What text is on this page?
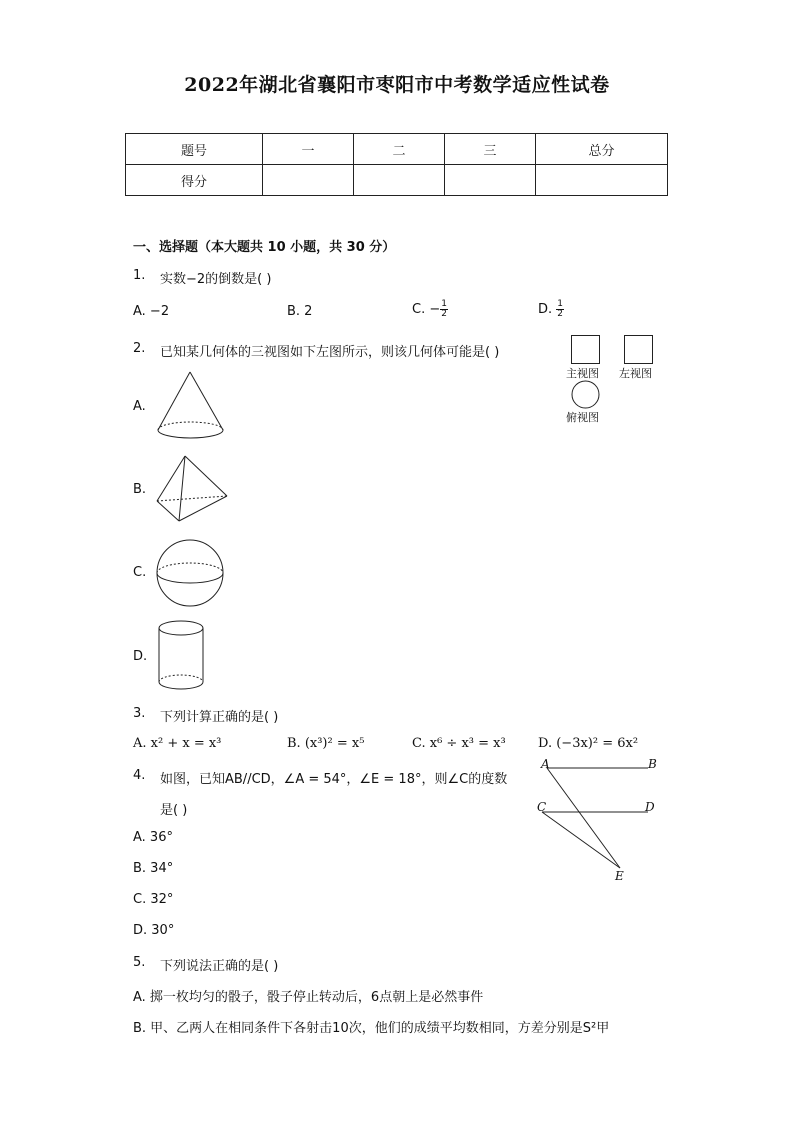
2022年湖北省襄阳市枣阳市中考数学适应性试卷
题号	一	二	三	总分
得分				
一、选择题（本大题共 10 小题，共 30 分）
1. 实数−2的倒数是( )
A. −2	B. 2	C. − $\frac{1}{2}$	D. $\frac{1}{2}$
2. 已知某几何体的三视图如下左图所示，则该几何体可能是( )
主视图 左视图
俯视图
A.
B.
C.
D.
3. 下列计算正确的是( )
A. x² + x = x³	B. (x³)² = x⁵	C. x⁶ ÷ x³ = x³ D. (−3x)² = 6x²
4. 如图，已知AB//CD，∠A = 54°，∠E = 18°，则∠C的度数
是( )
A. 36°
B. 34°
C. 32°
D. 30°
A	B
C	D
E
5. 下列说法正确的是( )
A. 掷一枚均匀的骰子，骰子停止转动后，6点朝上是必然事件
B. 甲、乙两人在相同条件下各射击10次，他们的成绩平均数相同，方差分别是S²甲
